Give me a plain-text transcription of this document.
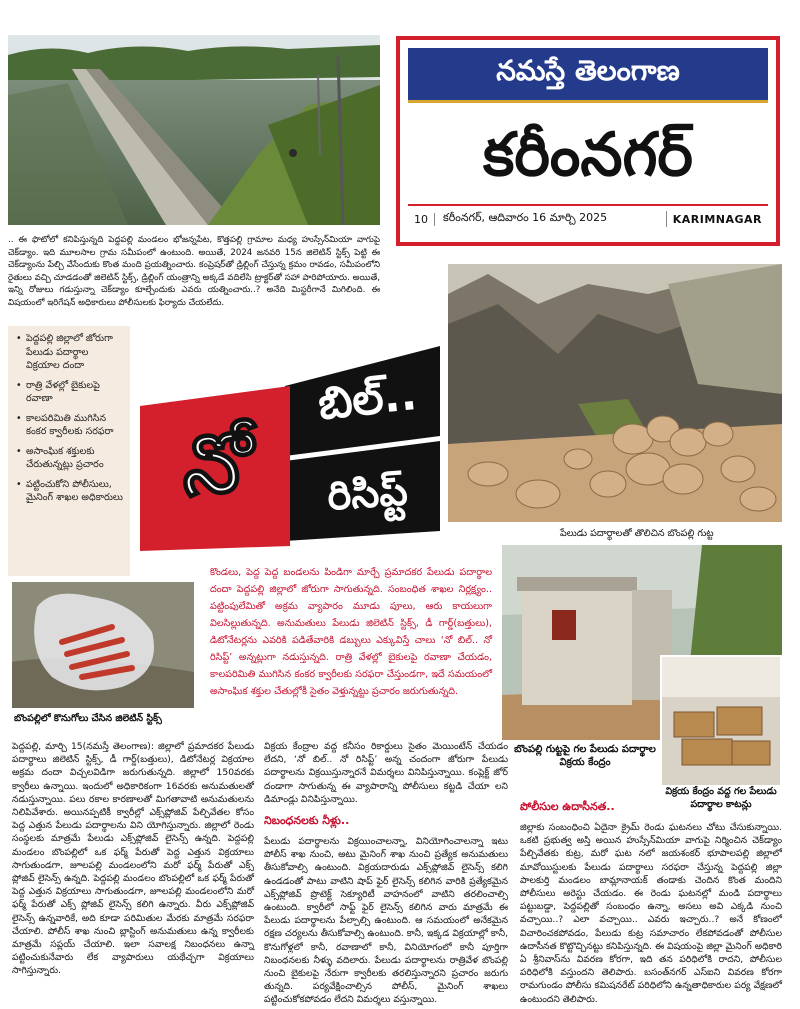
.. ఈ ఫొటోలో కనిపిస్తున్నది పెద్దపల్లి మండలం భోజన్నపేట, కొత్తపల్లి గ్రామాల మధ్య హుస్సేన్‌మియా వాగుపై చెక్‌డ్యాం. ఇది మూలసాల గ్రామ సమీపంలో ఉంటుంది. అయితే, 2024 జనవరి 15న జిలెటిన్ స్టిక్స్ పెట్టి ఈ చెక్‌డ్యాంను పేల్చి వేసేందుకు కొంత మంది ప్రయత్నించారు. కంప్రెషర్‌తో డ్రిల్లింగ్ చేస్తున్న క్రమం రావడం, సమీపంలోని రైతులు వచ్చి చూడడంతో జిలెటిన్ స్టిక్స్, డ్రిల్లింగ్ యంత్రాన్ని అక్కడే వదిలేసి ట్రాక్టర్‌తో సహా పారిపోయారు. అయితే, ఇన్ని రోజులు గడుస్తున్నా చెక్‌డ్యాం కూల్చేందుకు ఎవరు యత్నించారు..? అనేది మిస్టరీగానే మిగిలింది. ఈ విషయంలో ఇరిగేషన్ అధికారులు పోలీసులకు ఫిర్యాదు చేయలేదు.
నమస్తే తెలంగాణ
కరీంనగర్
10	కరీంనగర్, ఆదివారం 16 మార్చి 2025	KARIMNAGAR
• పెద్దపల్లి జిల్లాలో జోరుగా పేలుడు పదార్థాల విక్రయాల దందా
• రాత్రి వేళల్లో బైకులపై రవాణా
• కాలపరిమితి ముగిసిన కంకర క్వారీలకు సరఫరా
• అసాంఘిక శక్తులకు చేరుతున్నట్లు ప్రచారం
• పట్టించుకోని పోలీసులు, మైనింగ్ శాఖల అధికారులు నో
బిల్..
రిసిప్ట్
పేలుడు పదార్థాలతో తొలిచిన బొంపల్లి గుట్ట
బొంపల్లిలో కొనుగోలు చేసిన జిలెటిన్ స్టిక్స్
కొండలు, పెద్ద పెద్ద బండలను పిండిగా మార్చే ప్రమాదకర పేలుడు పదార్థాల దందా పెద్దపల్లి జిల్లాలో జోరుగా సాగుతున్నది. సంబంధిత శాఖల నిర్లక్ష్యం.. పట్టింపులేమితో అక్రమ వ్యాపారం మూడు పూలు, ఆరు కాయలుగా విలసిల్లుతున్నది. అనుమతులు పేలుడు జిలెటిన్ స్టిక్స్, డీ గార్డ్(బత్తులు), డిటోనేటర్లను ఎవరికి పడితేవారికి డబ్బులు ఎక్కువిస్తే చాలు ‘నో బిల్.. నో రిసిప్ట్’ అన్నట్లుగా నడుస్తున్నది. రాత్రి వేళల్లో బైకులపై రవాణా చేయడం, కాలపరిమితి ముగిసిన కంకర క్వారీలకు సరఫరా చేస్తుండగా, ఇదే సమయంలో అసాంఘిక శక్తుల చేతుల్లోకీ సైతం వెళ్తున్నట్టు ప్రచారం జరుగుతున్నది.
బొంపల్లి గుట్టపై గల పేలుడు పదార్థాల విక్రయ కేంద్రం
విక్రయ కేంద్రం వద్ద గల పేలుడు పదార్థాల కాటన్లు
పెద్దపల్లి, మార్చి 15(నమస్తే తెలంగాణ): జిల్లాలో ప్రమాదకర పేలుడు పదార్థాలు జిలెటిన్ స్టిక్స్, డీ గార్డ్(బత్తులు), డిటోనేటర్ల విక్రయాల అక్రమ దందా విచ్చలవిడిగా జరుగుతున్నది. జిల్లాలో 150వరకు క్వారీలు ఉన్నాయి. ఇందులో అధికారికంగా 16వరకు అనుమతులతో నడుస్తున్నాయి. పలు రకాల కారణాలతో మిగతావాటి అనుమతులను నిలిపివేశారు. అయినప్పటికీ క్వారీల్లో ఎక్స్‌ప్లోజివ్ పేల్చివేతల కోసం పెద్ద ఎత్తున పేలుడు పదార్థాలను విని యోగిస్తున్నారు. జిల్లాలో రెండు సంస్థలకు మాత్రమే పేలుడు ఎక్స్‌ప్లోజివ్ లైసెన్స్ ఉన్నది. పెద్దపల్లి మండలం బొంపల్లిలో ఒక ఫర్మ్ పేరుతో పెద్ద ఎత్తున విక్రయాలు సాగుతుండగా, జూలపల్లి మండలంలోని మరో ఫర్మ్ పేరుతో ఎక్స్ ప్లోజివ్ లైసెన్స్ ఉన్నది. పెద్దపల్లి మండలం బొంపల్లిలో ఒక ఫర్మ్ పేరుతో పెద్ద ఎత్తున విక్రయాలు సాగుతుండగా, జూలపల్లి మండలంలోని మరో ఫర్మ్ పేరుతో ఎక్స్ ప్లోజివ్ లైసెన్స్ కలిగి ఉన్నారు. వీరు ఎక్స్‌ప్లోజివ్ లైసెన్స్ ఉన్నవారికే, అది కూడా పరిమితుల మేరకు మాత్రమే సరఫరా చేయాలి. పోలీస్ శాఖ నుంచి బ్లాస్టింగ్ అనుమతులు ఉన్న క్వారీలకు మాత్రమే సప్లయ్ చేయాలి. ఇలా సవాలక్ష నిబంధనలు ఉన్నా పట్టించుకునేవారు లేక వ్యాపారులు యథేచ్ఛగా విక్రయాలు సాగిస్తున్నారు.
విక్రయ కేంద్రాల వద్ద కనీసం రికార్డులు సైతం మెయింటేన్ చేయడం లేదని, ‘నో బిల్.. నో రిసిప్ట్’ అన్న చందంగా జోరుగా పేలుడు పదార్థాలను విక్రయిస్తున్నారనే విమర్శలు వినిపిస్తున్నాయి. కంప్లెక్ట్ జోర్ దండాగా సాగుతున్న ఈ వ్యాపారాన్ని పోలీసులు కట్టడి చేయా లని డిమాండ్లు వినిపిస్తున్నాయి.
నిబంధనలకు నీళ్లు..
పేలుడు పదార్థాలను విక్రయించాలన్నా, వినియోగించాలన్నా ఇటు పోలీస్ శాఖ నుంచి, అటు మైనింగ్ శాఖ నుంచి ప్రత్యేక అనుమతులు తీసుకోవాల్సి ఉంటుంది. విక్రయదారుడు ఎక్స్‌ప్లోజివ్ లైసెన్స్ కలిగి ఉండడంతో పాటు వాటిని షాప్ ఫైర్ లైసెన్స్ కలిగిన వారికి ప్రత్యేకమైన ఎక్స్‌ప్లోజివ్ ప్రొటెక్ట్ సెక్యూరిటీ వాహనంలో వాటిని తరలించాల్సి ఉంటుంది. క్వారీలో సాఫ్ట్ ఫైర్ లైసెన్స్ కలిగిన వారు మాత్రమే ఈ పేలుడు పదార్థాలను పేల్చాల్సి ఉంటుంది. ఆ సమయంలో అనేకమైన రక్షణ చర్యలను తీసుకోవాల్సి ఉంటుంది. కానీ, ఇక్కడ విక్రయాల్లో కానీ, కొనుగోళ్లలో కానీ, రవాణాలో కానీ, వినియోగంలో కానీ పూర్తిగా నిబంధనలకు నీళ్ళు వదిలారు. పేలుడు పదార్థాలను రాత్రివేళ బొంపల్లి నుంచి బైకులపై నేరుగా క్వారీలకు తరలిస్తున్నారని ప్రచారం జరుగు తున్నది. పర్యవేక్షించాల్సిన పోలీస్, మైనింగ్ శాఖలు పట్టించుకోకపోవడం లేదని విమర్శలు వస్తున్నాయి.
పోలీసుల ఉదాసీనత..
జిల్లాకు సంబంధించి ఏదైనా క్రైమ్ రెండు ఘటనలు చోటు చేసుకున్నాయి. ఒకటి ప్రభుత్వ అస్తి అయిన హుస్సేన్‌మియా వాగుపై నిర్మించిన చెక్‌డ్యాం పేల్చివేతకు కుట్ర, మరో ఘట నలో జయశంకర్ భూపాలపల్లి జిల్లాలో మావోయిస్టులకు పేలుడు పదార్థాలు సరఫరా చేస్తున్న పెద్దపల్లి జిల్లా పాలకుర్తి మండలం బామ్లానాయక్ తండాకు చెందిన కొంత మందిని పోలీసులు అరెస్టు చేయడం. ఈ రెండు ఘటనల్లో మండి పదార్థాలు పట్టుబడ్డా, పెద్దపల్లితో సంబంధం ఉన్నా, అసలు అవి ఎక్కడి నుంచి వచ్చాయి..? ఎలా వచ్చాయి.. ఎవరు ఇచ్చారు..? అనే కోణంలో విచారించకపోవడం, పేలుడు కుట్ర సమాచారం లేకపోవడంతో పోలీసుల ఉదాసీనత కొట్టొచ్చినట్టు కనిపిస్తున్నది. ఈ విషయంపై జిల్లా మైనింగ్ అధికారి ఏ శ్రీనివాస్‌ను వివరణ కోరగా, ఇది తన పరిధిలోకి రాదని, పోలీసుల పరిధిలోకి వస్తుందని తెలిపారు. బసంత్‌నగర్ ఎస్‌ఐని వివరణ కోరగా రామగుండం పోలీసు కమిషనరేట్ పరిధిలోని ఉన్నతాధికారుల పర్య వేక్షణలో ఉంటుందని తెలిపారు.
